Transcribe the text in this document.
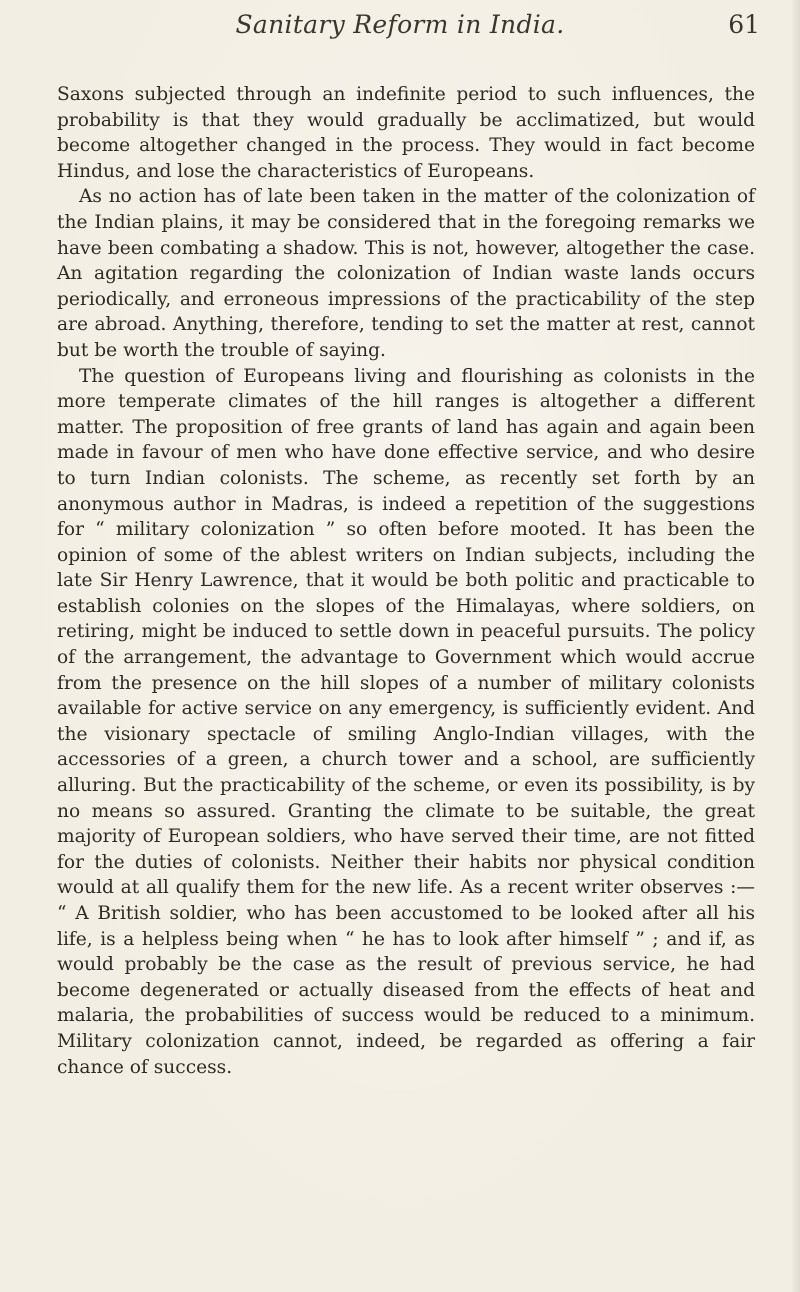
Sanitary Reform in India.	61

Saxons subjected through an indefinite period to such influences, the probability is that they would gradually be acclimatized, but would become altogether changed in the process. They would in fact become Hindus, and lose the characteristics of Europeans.

As no action has of late been taken in the matter of the colonization of the Indian plains, it may be considered that in the foregoing remarks we have been combating a shadow. This is not, however, altogether the case. An agitation regarding the colonization of Indian waste lands occurs periodically, and erroneous impressions of the practicability of the step are abroad. Anything, therefore, tending to set the matter at rest, cannot but be worth the trouble of saying.

The question of Europeans living and flourishing as colonists in the more temperate climates of the hill ranges is altogether a different matter. The proposition of free grants of land has again and again been made in favour of men who have done effective service, and who desire to turn Indian colonists. The scheme, as recently set forth by an anonymous author in Madras, is indeed a repetition of the suggestions for “ military colonization ” so often before mooted. It has been the opinion of some of the ablest writers on Indian subjects, including the late Sir Henry Lawrence, that it would be both politic and practicable to establish colonies on the slopes of the Himalayas, where soldiers, on retiring, might be induced to settle down in peaceful pursuits. The policy of the arrangement, the advantage to Government which would accrue from the presence on the hill slopes of a number of military colonists available for active service on any emergency, is sufficiently evident. And the visionary spectacle of smiling Anglo-Indian villages, with the accessories of a green, a church tower and a school, are sufficiently alluring. But the practicability of the scheme, or even its possibility, is by no means so assured. Granting the climate to be suitable, the great majority of European soldiers, who have served their time, are not fitted for the duties of colonists. Neither their habits nor physical condition would at all qualify them for the new life. As a recent writer observes :— “ A British soldier, who has been accustomed to be looked after all his life, is a helpless being when “ he has to look after himself ” ; and if, as would probably be the case as the result of previous service, he had become degenerated or actually diseased from the effects of heat and malaria, the probabilities of success would be reduced to a minimum. Military colonization cannot, indeed, be regarded as offering a fair chance of success.
